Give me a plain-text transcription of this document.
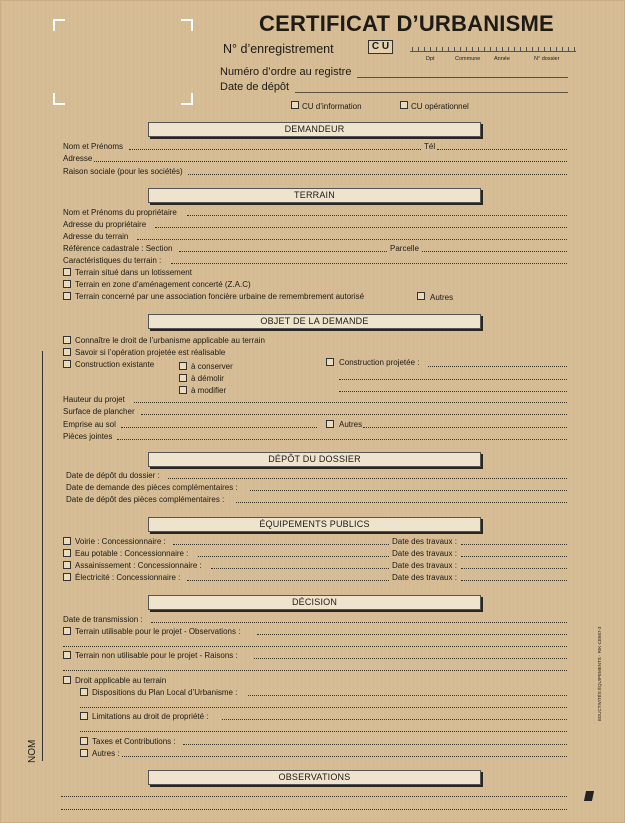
CERTIFICAT D’URBANISME
N° d’enregistrement	C U
Dpt	Commune Année	N° dossier
Numéro d’ordre au registre
Date de dépôt
CU d’information	CU opérationnel
DEMANDEUR
Nom et Prénoms	Tél
Adresse
Raison sociale (pour les sociétés)
TERRAIN
Nom et Prénoms du propriétaire
Adresse du propriétaire
Adresse du terrain
Référence cadastrale : Section	Parcelle
Caractéristiques du terrain :
Terrain situé dans un lotissement
Terrain en zone d’aménagement concerté (Z.A.C)
Terrain concerné par une association foncière urbaine de remembrement autorisé	Autres
OBJET DE LA DEMANDE
Connaître le droit de l’urbanisme applicable au terrain
Savoir si l’opération projetée est réalisable
Construction existante	à conserver
à démolir
à modifier
Construction projetée :
Hauteur du projet
Surface de plancher
Emprise au sol	Autres
Pièces jointes
DÉPÔT DU DOSSIER
Date de dépôt du dossier :
Date de demande des pièces complémentaires :
Date de dépôt des pièces complémentaires :
ÉQUIPEMENTS PUBLICS
Voirie : Concessionnaire :	Date des travaux :
Eau potable : Concessionnaire :	Date des travaux :
Assainissement : Concessionnaire :	Date des travaux :
Électricité : Concessionnaire :	Date des travaux :
DÉCISION
Date de transmission :
Terrain utilisable pour le projet - Observations :
Terrain non utilisable pour le projet - Raisons :
Droit applicable au terrain
Dispositions du Plan Local d’Urbanisme :
Limitations au droit de propriété :
Taxes et Contributions :
Autres :
OBSERVATIONS
NOM
EDUCTIVITÉS ÉQUIPEMENTS · RIK-CE667-3
